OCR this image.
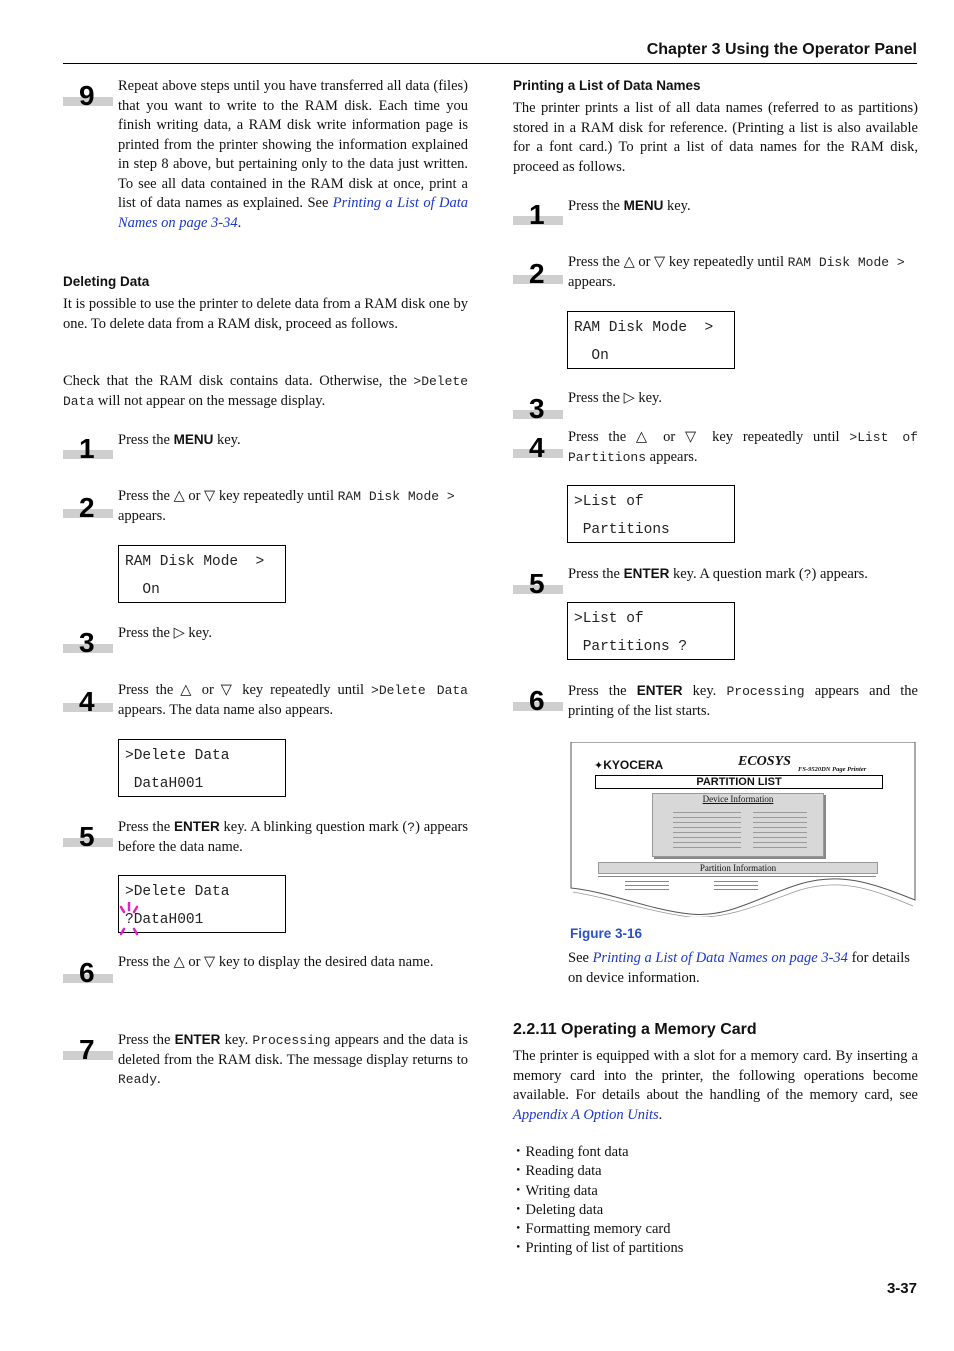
Chapter 3 Using the Operator Panel
9 Repeat above steps until you have transferred all data (files) that you want to write to the RAM disk. Each time you finish writing data, a RAM disk write information page is printed from the printer showing the information explained in step 8 above, but pertaining only to the data just written. To see all data contained in the RAM disk at once, print a list of data names as explained. See Printing a List of Data Names on page 3-34.

Deleting Data

It is possible to use the printer to delete data from a RAM disk one by one. To delete data from a RAM disk, proceed as follows.

Check that the RAM disk contains data. Otherwise, the >Delete Data will not appear on the message display.

1 Press the MENU key.

2 Press the △ or ▽ key repeatedly until RAM Disk Mode > appears.

RAM Disk Mode  >
On

3 Press the ▷ key.

4 Press the △ or ▽ key repeatedly until >Delete Data appears. The data name also appears.

>Delete Data
DataH001

5 Press the ENTER key. A blinking question mark (?) appears before the data name.

>Delete Data
?DataH001

6 Press the △ or ▽ key to display the desired data name.

7 Press the ENTER key. Processing appears and the data is deleted from the RAM disk. The message display returns to Ready.

Printing a List of Data Names

The printer prints a list of all data names (referred to as partitions) stored in a RAM disk for reference. (Printing a list is also available for a font card.) To print a list of data names for the RAM disk, proceed as follows.

1 Press the MENU key.

2 Press the △ or ▽ key repeatedly until RAM Disk Mode > appears.

RAM Disk Mode  >
On

3 Press the ▷ key.

4 Press the △ or ▽ key repeatedly until >List of Partitions appears.

>List of
Partitions

5 Press the ENTER key. A question mark (?) appears.

>List of
Partitions ?

6 Press the ENTER key. Processing appears and the printing of the list starts.

✦KYOCERA	ECOSYS
FS-9520DN Page Printer
PARTITION LIST
Device Information
Partition Information
Figure 3-16

See Printing a List of Data Names on page 3-34 for details on device information.

2.2.11 Operating a Memory Card

The printer is equipped with a slot for a memory card. By inserting a memory card into the printer, the following operations become available. For details about the handling of the memory card, see Appendix A Option Units.

・ Reading font data
・ Reading data
・ Writing data
・ Deleting data
・ Formatting memory card
・ Printing of list of partitions
3-37
